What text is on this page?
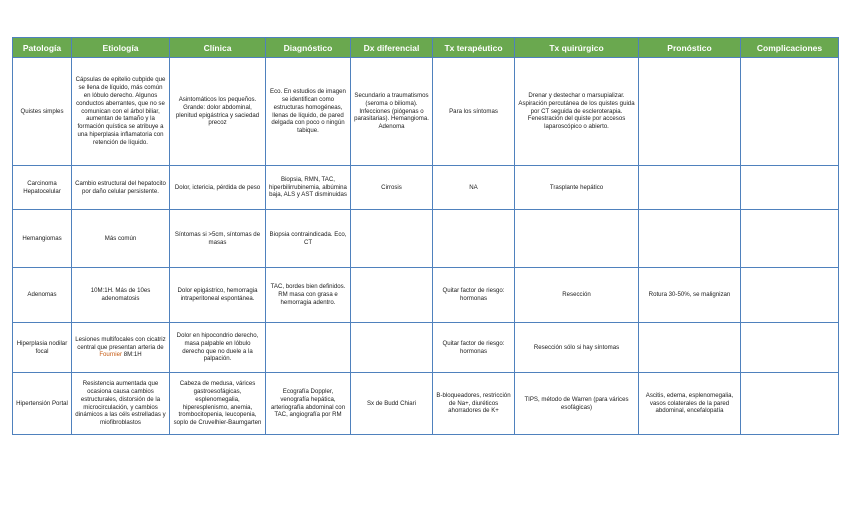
Patología	Etiología	Clínica	Diagnóstico	Dx diferencial	Tx terapéutico	Tx quirúrgico	Pronóstico	Complicaciones
Quistes simples	Cápsulas de epitelio cubpide que se llena de líquido, más común en lóbulo derecho. Algunos conductos aberrantes, que no se comunican con el árbol biliar, aumentan de tamaño y la formación quística se atribuye a una hiperplasia inflamatoria con retención de líquido.	Asintomáticos los pequeños. Grande: dolor abdominal, plenitud epigástrica y saciedad precoz	Eco. En estudios de imagen se identifican como estructuras homogéneas, llenas de líquido, de pared delgada con poco o ningún tabique.	Secundario a traumatismos (seroma o bilioma). Infecciones (piógenas o parasitarias). Hemangioma. Adenoma	Para los síntomas	Drenar y destechar o marsupializar. Aspiración percutánea de los quistes guida por CT seguida de escleroterapia. Fenestración del quiste por accesos laparoscópico o abierto.		
Carcinoma Hepatocelular	Cambio estructural del hepatocito por daño celular persistente.	Dolor, ictericia, pérdida de peso	Biopsia, RMN, TAC, hiperbilirrubinemia, albúmina baja, ALS y AST disminuidas	Cirrosis	NA	Trasplante hepático		
Hemangiomas	Más común	Síntomas si >5cm, síntomas de masas	Biopsia contraindicada. Eco, CT					
Adenomas	10M:1H. Más de 10es adenomatosis	Dolor epigástrico, hemorragia intraperitoneal espontánea.	TAC, bordes bien definidos. RM masa con grasa e hemorragia adentro.		Quitar factor de riesgo: hormonas	Resección	Rotura 30-50%, se malignizan	
Hiperplasia nodilar focal	Lesiones multifocales con cicatriz central que presentan arteria de Fournier 8M:1H	Dolor en hipocondrio derecho, masa palpable en lóbulo derecho que no duele a la palpación.			Quitar factor de riesgo: hormonas	Resección sólo si hay síntomas		
Hipertensión Portal	Resistencia aumentada que ocasiona causa cambios estructurales, distorsión de la microcirculación, y cambios dinámicos a las céls estrelladas y miofibroblastos	Cabeza de medusa, várices gastroesofágicas, esplenomegalia, hiperesplenismo, anemia, trombocitopenia, leucopenia, soplo de Cruvelhier-Baumgarten	Ecografía Doppler, venografía hepática, arteriografía abdominal con TAC, angiografía por RM	Sx de Budd Chiari	B-bloqueadores, restricción de Na+, diuréticos ahorradores de K+	TIPS, método de Warren (para várices esofágicas)	Ascitis, edema, esplenomegalia, vasos colaterales de la pared abdominal, encefalopatía	
